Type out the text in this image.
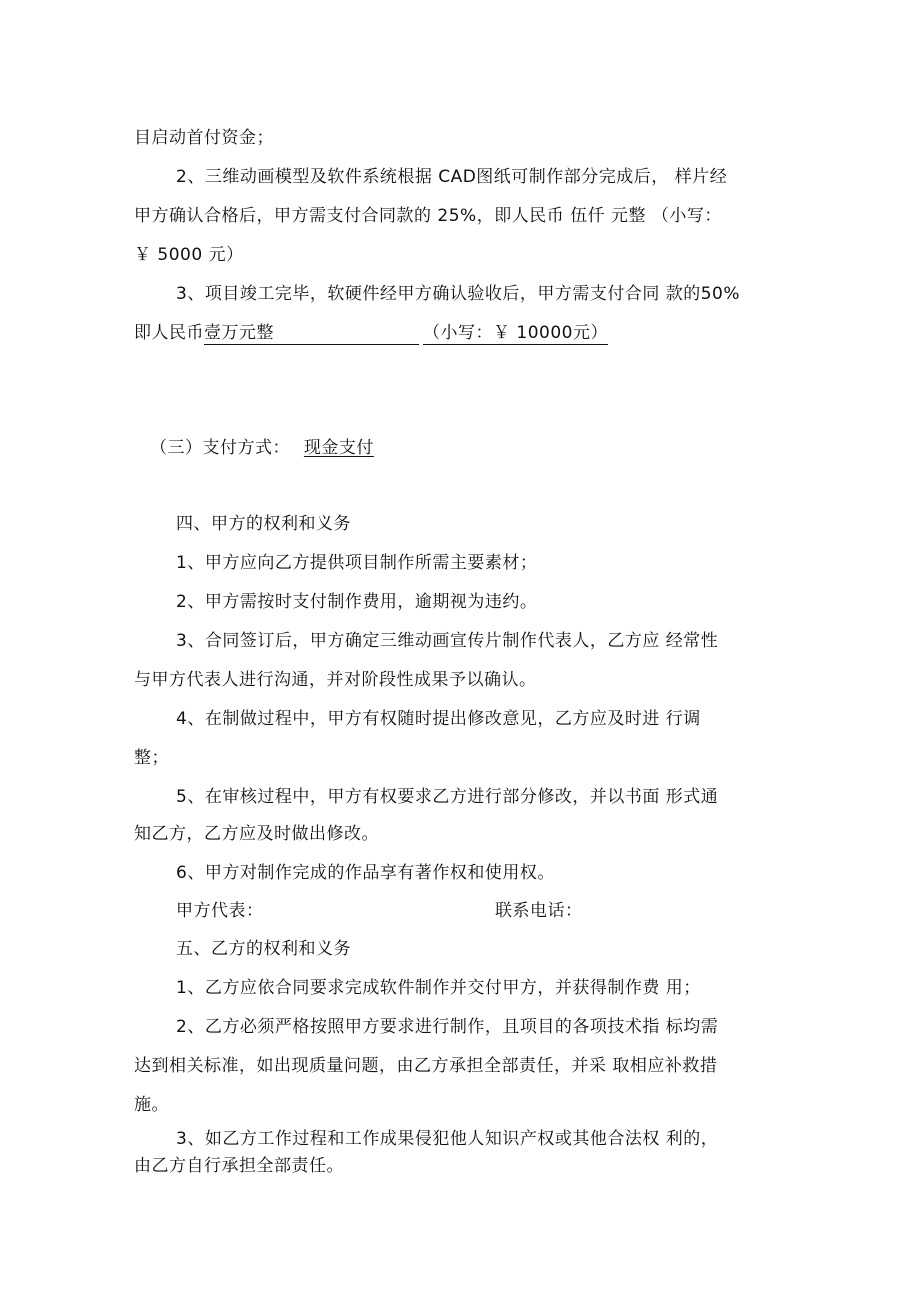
目启动首付资金；
2、三维动画模型及软件系统根据 CAD图纸可制作部分完成后， 样片经
甲方确认合格后，甲方需支付合同款的 25%，即人民币 伍仟 元整 （小写：
￥ 5000 元）
3、项目竣工完毕，软硬件经甲方确认验收后，甲方需支付合同 款的50%
即人民币壹万元整	（小写：￥ 10000元）
（三）支付方式： 现金支付
四、甲方的权利和义务
1、甲方应向乙方提供项目制作所需主要素材；
2、甲方需按时支付制作费用，逾期视为违约。
3、合同签订后，甲方确定三维动画宣传片制作代表人，乙方应 经常性
与甲方代表人进行沟通，并对阶段性成果予以确认。
4、在制做过程中，甲方有权随时提出修改意见，乙方应及时进 行调
整；
5、在审核过程中，甲方有权要求乙方进行部分修改，并以书面 形式通
知乙方，乙方应及时做出修改。
6、甲方对制作完成的作品享有著作权和使用权。
甲方代表：	联系电话：
五、乙方的权利和义务
1、乙方应依合同要求完成软件制作并交付甲方，并获得制作费 用；
2、乙方必须严格按照甲方要求进行制作，且项目的各项技术指 标均需
达到相关标准，如出现质量问题，由乙方承担全部责任，并采 取相应补救措
施。
3、如乙方工作过程和工作成果侵犯他人知识产权或其他合法权 利的，
由乙方自行承担全部责任。
